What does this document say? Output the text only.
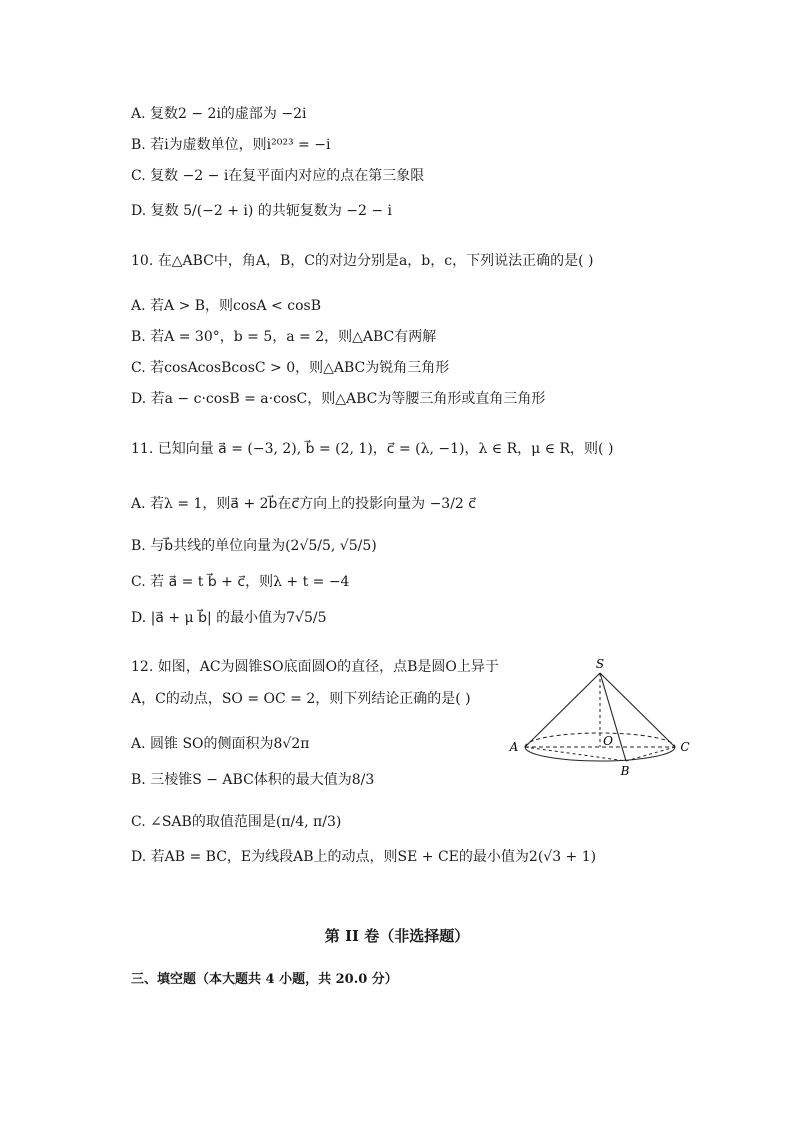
A. 复数2 − 2i的虚部为 −2i
B. 若i为虚数单位，则i²⁰²³ = −i
C. 复数 −2 − i在复平面内对应的点在第三象限
D. 复数 5/(−2 + i) 的共轭复数为 −2 − i
10. 在△ABC中，角A，B，C的对边分别是a，b，c，下列说法正确的是( )
A. 若A > B，则cosA < cosB
B. 若A = 30°，b = 5，a = 2，则△ABC有两解
C. 若cosAcosBcosC > 0，则△ABC为锐角三角形
D. 若a − c·cosB = a·cosC，则△ABC为等腰三角形或直角三角形
11. 已知向量 a⃗ = (−3, 2), b⃗ = (2, 1)，c⃗ = (λ, −1)，λ ∈ R，μ ∈ R，则( )
A. 若λ = 1，则a⃗ + 2b⃗在c⃗方向上的投影向量为 −3/2 c⃗
B. 与b⃗共线的单位向量为(2√5/5, √5/5)
C. 若 a⃗ = t b⃗ + c⃗，则λ + t = −4
D. |a⃗ + μ b⃗| 的最小值为7√5/5
12. 如图，AC为圆锥SO底面圆O的直径，点B是圆O上异于
A，C的动点，SO = OC = 2，则下列结论正确的是( )
A. 圆锥 SO的侧面积为8√2π
B. 三棱锥S − ABC体积的最大值为8/3
C. ∠SAB的取值范围是(π/4, π/3)
D. 若AB = BC，E为线段AB上的动点，则SE + CE的最小值为2(√3 + 1)
S
A	C
O
B
第 II 卷（非选择题）
三、填空题（本大题共 4 小题，共 20.0 分）
